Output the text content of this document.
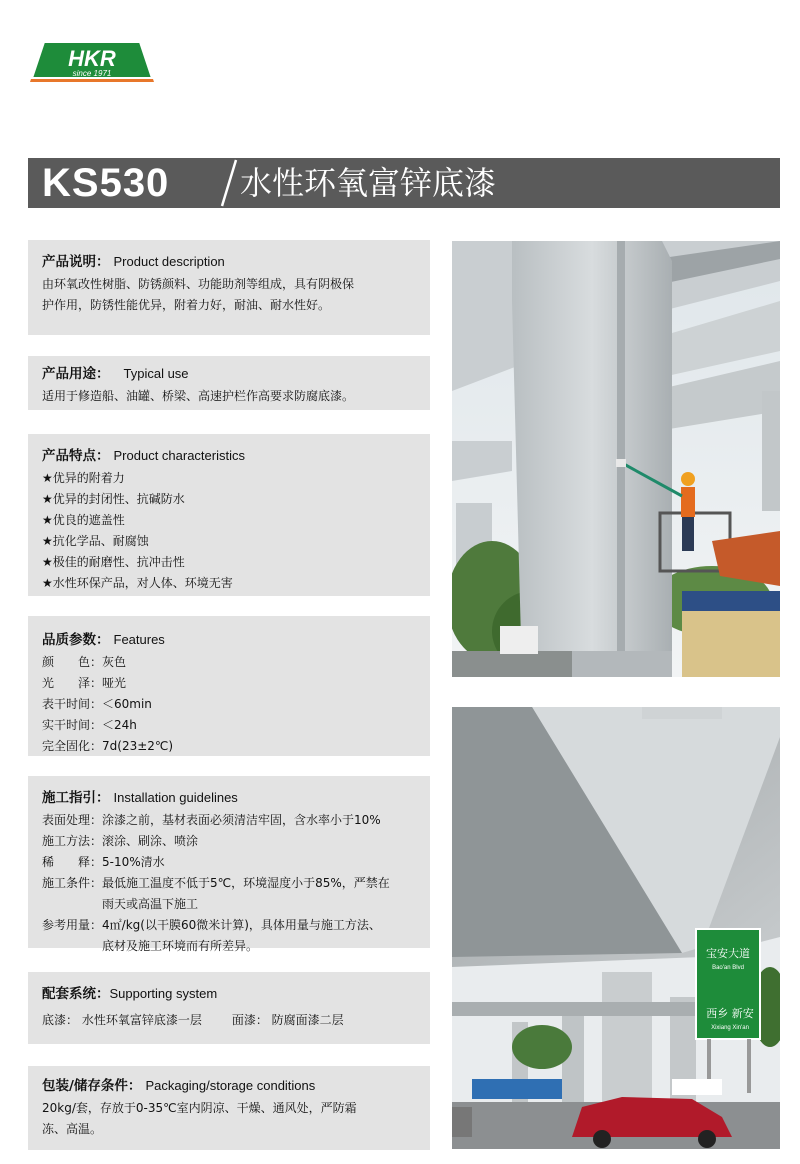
HKR
since 1971
KS530 水性环氧富锌底漆
产品说明： Product description
由环氧改性树脂、防锈颜料、功能助剂等组成，具有阴极保
护作用，防锈性能优异，附着力好，耐油、耐水性好。
产品用途： Typical use
适用于修造船、油罐、桥梁、高速护栏作高要求防腐底漆。
产品特点： Product characteristics
★优异的附着力
★优异的封闭性、抗碱防水
★优良的遮盖性
★抗化学品、耐腐蚀
★极佳的耐磨性、抗冲击性
★水性环保产品，对人体、环境无害
品质参数： Features
颜　　色： 灰色
光　　泽： 哑光
表干时间： ＜60min
实干时间： ＜24h
完全固化： 7d(23±2℃)
施工指引： Installation guidelines
表面处理： 涂漆之前，基材表面必须清洁牢固，含水率小于10%
施工方法： 滚涂、刷涂、喷涂
稀　　释： 5-10%清水
施工条件： 最低施工温度不低于5℃，环境湿度小于85%，严禁在
雨天或高温下施工
参考用量： 4㎡/kg(以干膜60微米计算)，具体用量与施工方法、
底材及施工环境而有所差异。
配套系统：Supporting system
底漆： 水性环氧富锌底漆一层	面漆： 防腐面漆二层
包装/储存条件： Packaging/storage conditions
20kg/套，存放于0-35℃室内阴凉、干燥、通风处，严防霜
冻、高温。
宝安大道
Bao'an Blvd
西乡 新安
Xixiang Xin'an
